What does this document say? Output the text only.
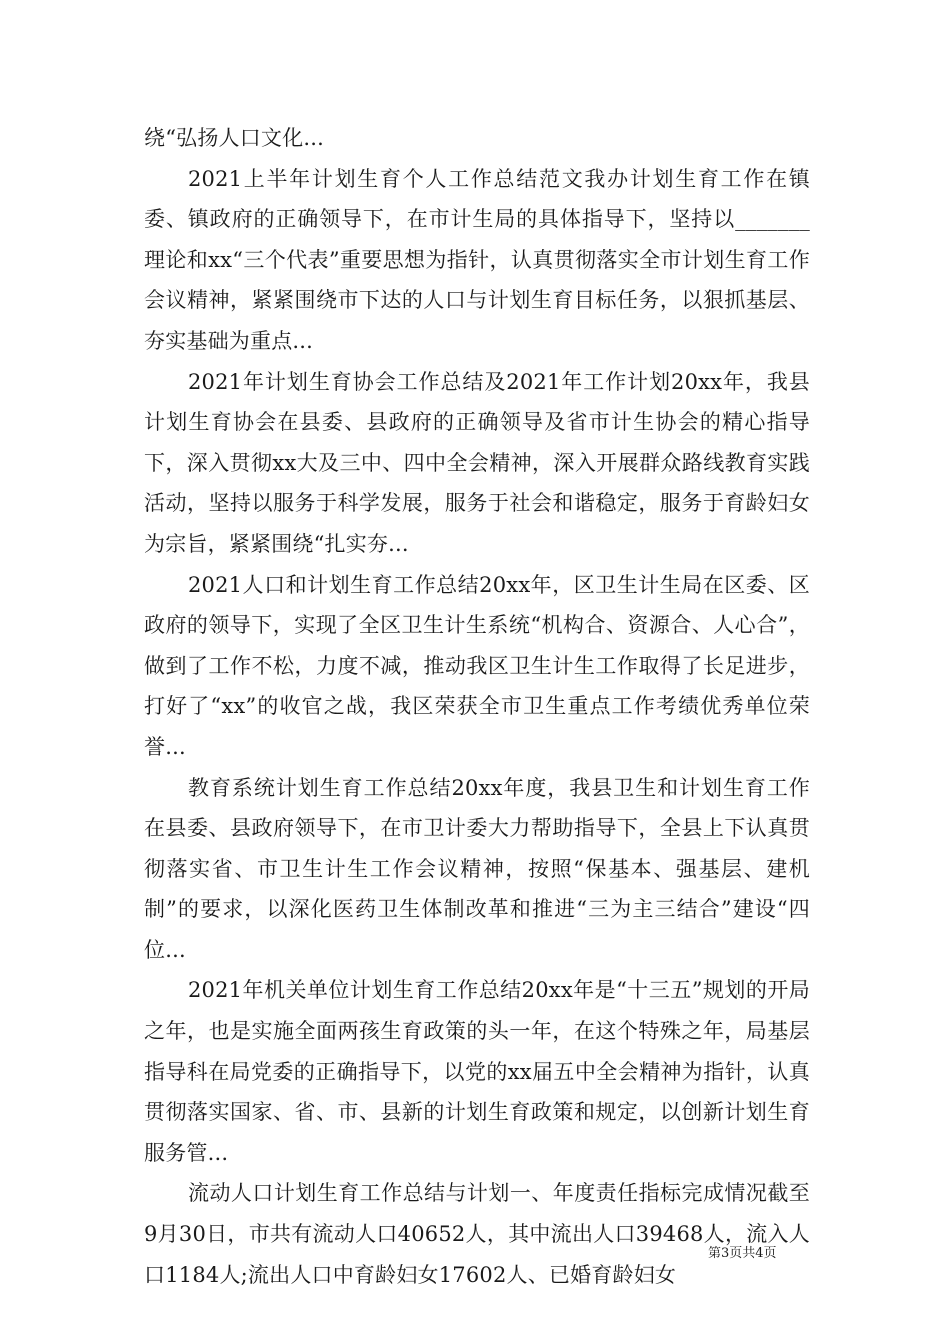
绕“弘扬人口文化...

2021上半年计划生育个人工作总结范文我办计划生育工作在镇委、镇政府的正确领导下，在市计生局的具体指导下，坚持以_______理论和xx“三个代表”重要思想为指针，认真贯彻落实全市计划生育工作会议精神，紧紧围绕市下达的人口与计划生育目标任务，以狠抓基层、夯实基础为重点...

2021年计划生育协会工作总结及2021年工作计划20xx年，我县计划生育协会在县委、县政府的正确领导及省市计生协会的精心指导下，深入贯彻xx大及三中、四中全会精神，深入开展群众路线教育实践活动，坚持以服务于科学发展，服务于社会和谐稳定，服务于育龄妇女为宗旨，紧紧围绕“扎实夯...

2021人口和计划生育工作总结20xx年，区卫生计生局在区委、区政府的领导下，实现了全区卫生计生系统“机构合、资源合、人心合”，做到了工作不松，力度不减，推动我区卫生计生工作取得了长足进步，打好了“xx”的收官之战，我区荣获全市卫生重点工作考绩优秀单位荣誉...

教育系统计划生育工作总结20xx年度，我县卫生和计划生育工作在县委、县政府领导下，在市卫计委大力帮助指导下，全县上下认真贯彻落实省、市卫生计生工作会议精神，按照“保基本、强基层、建机制”的要求，以深化医药卫生体制改革和推进“三为主三结合”建设“四位...

2021年机关单位计划生育工作总结20xx年是“十三五”规划的开局之年，也是实施全面两孩生育政策的头一年，在这个特殊之年，局基层指导科在局党委的正确指导下，以党的xx届五中全会精神为指针，认真贯彻落实国家、省、市、县新的计划生育政策和规定，以创新计划生育服务管...

流动人口计划生育工作总结与计划一、年度责任指标完成情况截至9月30日，市共有流动人口40652人，其中流出人口39468人，流入人口1184人;流出人口中育龄妇女17602人、已婚育龄妇女

第3页共4页
